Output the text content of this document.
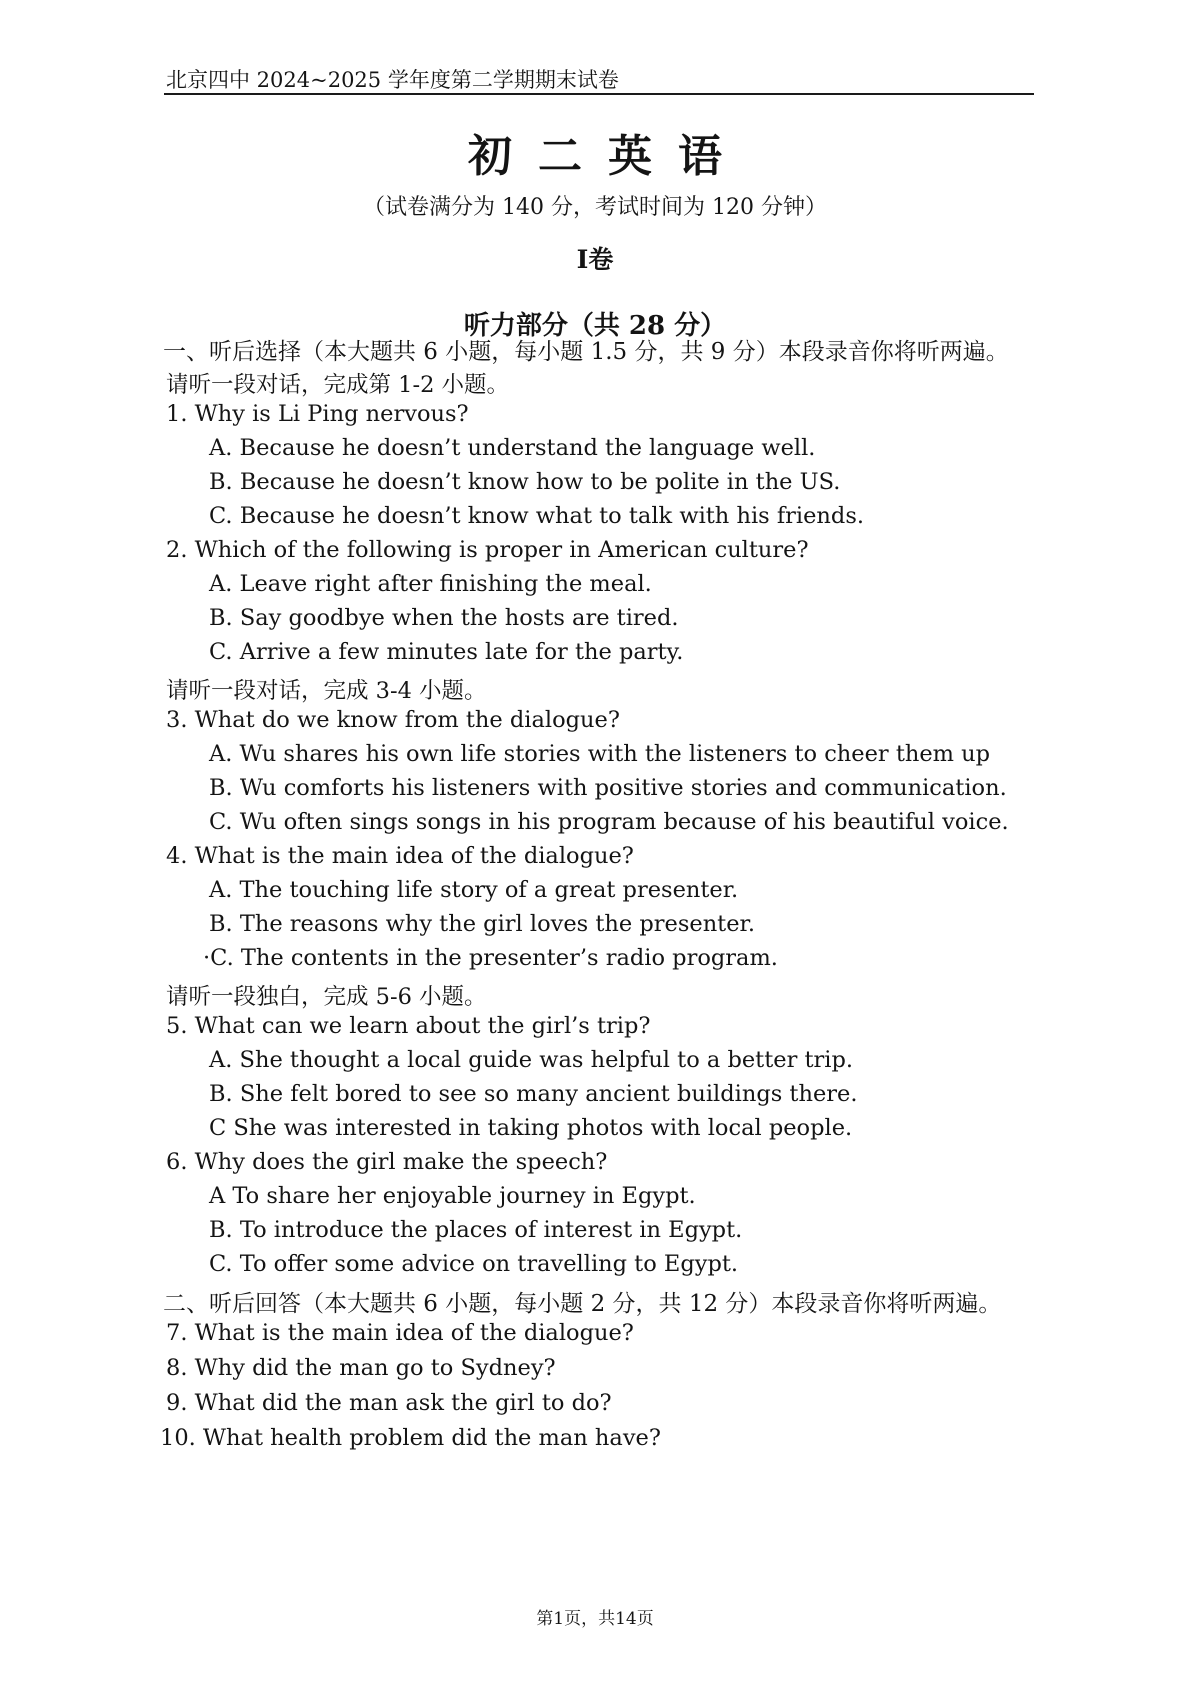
北京四中 2024~2025 学年度第二学期期末试卷
初二英语
（试卷满分为 140 分，考试时间为 120 分钟）
I卷
听力部分（共 28 分）
一、听后选择（本大题共 6 小题，每小题 1.5 分，共 9 分）本段录音你将听两遍。
请听一段对话，完成第 1-2 小题。
1. Why is Li Ping nervous?
A. Because he doesn’t understand the language well.
B. Because he doesn’t know how to be polite in the US.
C. Because he doesn’t know what to talk with his friends.
2. Which of the following is proper in American culture?
A. Leave right after finishing the meal.
B. Say goodbye when the hosts are tired.
C. Arrive a few minutes late for the party.
请听一段对话，完成 3-4 小题。
3. What do we know from the dialogue?
A. Wu shares his own life stories with the listeners to cheer them up
B. Wu comforts his listeners with positive stories and communication.
C. Wu often sings songs in his program because of his beautiful voice.
4. What is the main idea of the dialogue?
A. The touching life story of a great presenter.
B. The reasons why the girl loves the presenter.
·C. The contents in the presenter’s radio program.
请听一段独白，完成 5-6 小题。
5. What can we learn about the girl’s trip?
A. She thought a local guide was helpful to a better trip.
B. She felt bored to see so many ancient buildings there.
C She was interested in taking photos with local people.
6. Why does the girl make the speech?
A To share her enjoyable journey in Egypt.
B. To introduce the places of interest in Egypt.
C. To offer some advice on travelling to Egypt.
二、听后回答（本大题共 6 小题，每小题 2 分，共 12 分）本段录音你将听两遍。
7. What is the main idea of the dialogue?
8. Why did the man go to Sydney?
9. What did the man ask the girl to do?
10. What health problem did the man have?
第1页，共14页
